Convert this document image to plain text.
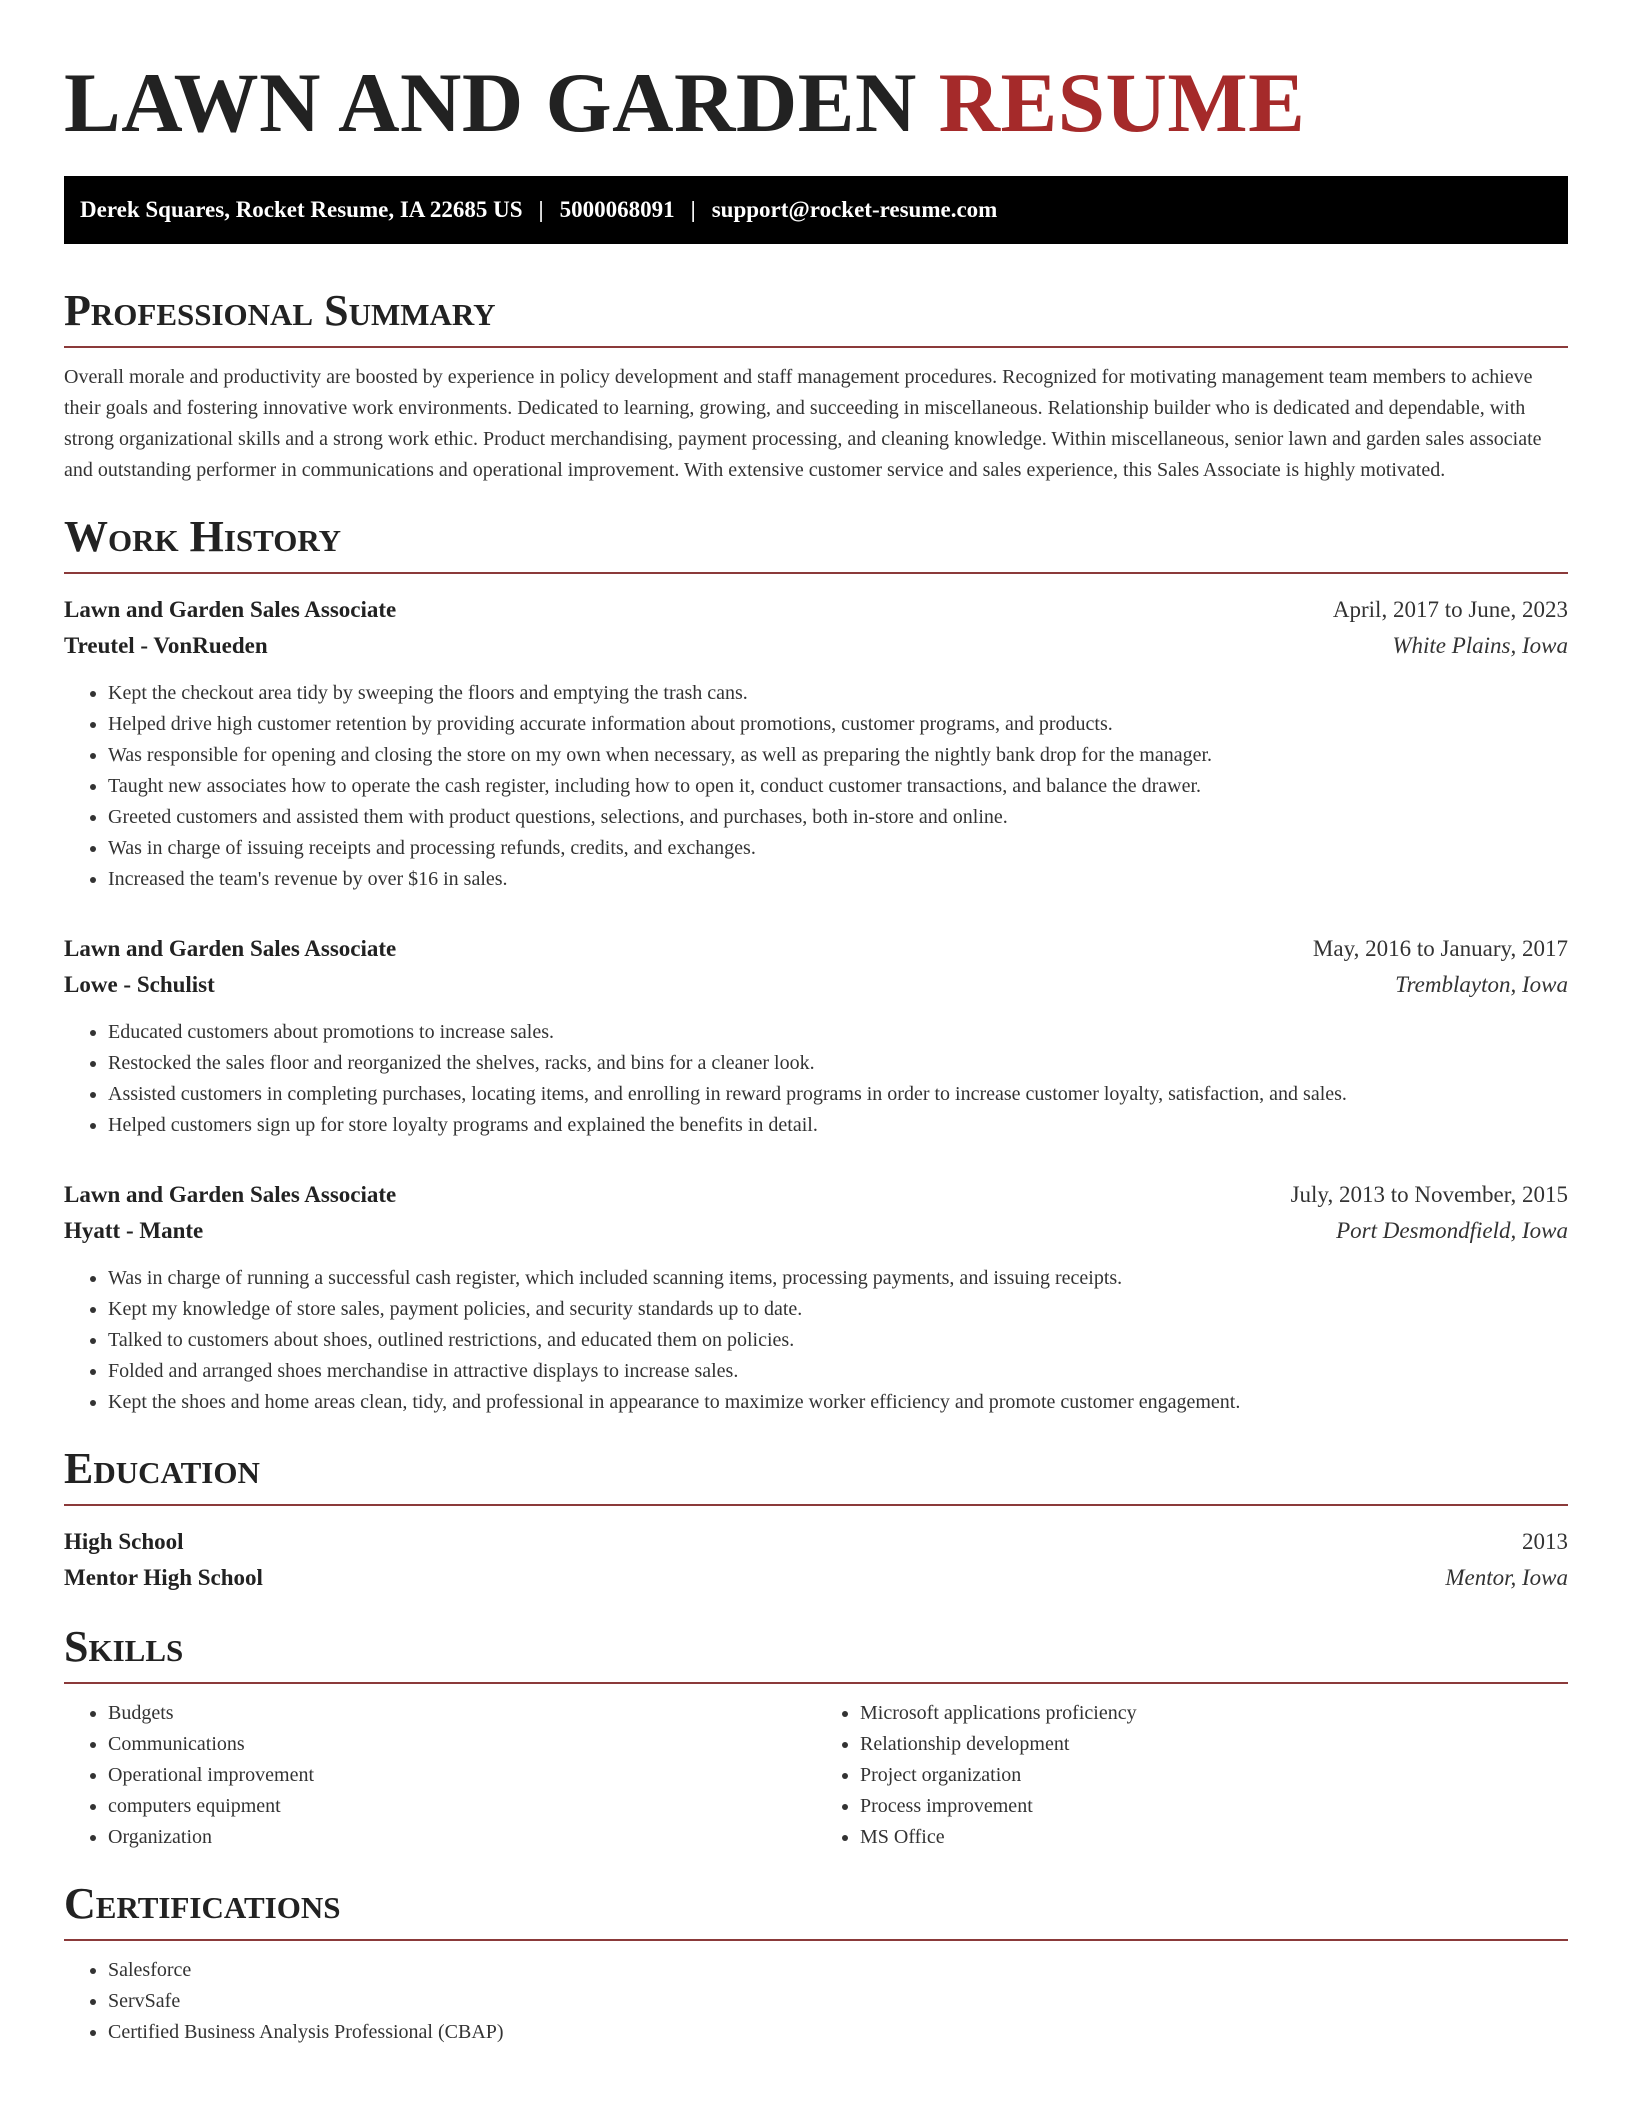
LAWN AND GARDEN RESUME
Derek Squares, Rocket Resume, IA 22685 US | 5000068091 | support@rocket-resume.com
Professional Summary

Overall morale and productivity are boosted by experience in policy development and staff management procedures. Recognized for motivating management team members to achieve their goals and fostering innovative work environments. Dedicated to learning, growing, and succeeding in miscellaneous. Relationship builder who is dedicated and dependable, with strong organizational skills and a strong work ethic. Product merchandising, payment processing, and cleaning knowledge. Within miscellaneous, senior lawn and garden sales associate and outstanding performer in communications and operational improvement. With extensive customer service and sales experience, this Sales Associate is highly motivated.

Work History
Lawn and Garden Sales Associate	April, 2017 to June, 2023
Treutel - VonRueden	White Plains, Iowa
• Kept the checkout area tidy by sweeping the floors and emptying the trash cans.
• Helped drive high customer retention by providing accurate information about promotions, customer programs, and products.
• Was responsible for opening and closing the store on my own when necessary, as well as preparing the nightly bank drop for the manager.
• Taught new associates how to operate the cash register, including how to open it, conduct customer transactions, and balance the drawer.
• Greeted customers and assisted them with product questions, selections, and purchases, both in-store and online.
• Was in charge of issuing receipts and processing refunds, credits, and exchanges.
• Increased the team's revenue by over $16 in sales.
Lawn and Garden Sales Associate	May, 2016 to January, 2017
Lowe - Schulist	Tremblayton, Iowa
• Educated customers about promotions to increase sales.
• Restocked the sales floor and reorganized the shelves, racks, and bins for a cleaner look.
• Assisted customers in completing purchases, locating items, and enrolling in reward programs in order to increase customer loyalty, satisfaction, and sales.
• Helped customers sign up for store loyalty programs and explained the benefits in detail.
Lawn and Garden Sales Associate	July, 2013 to November, 2015
Hyatt - Mante	Port Desmondfield, Iowa
• Was in charge of running a successful cash register, which included scanning items, processing payments, and issuing receipts.
• Kept my knowledge of store sales, payment policies, and security standards up to date.
• Talked to customers about shoes, outlined restrictions, and educated them on policies.
• Folded and arranged shoes merchandise in attractive displays to increase sales.
• Kept the shoes and home areas clean, tidy, and professional in appearance to maximize worker efficiency and promote customer engagement.
Education
High School	2013
Mentor High School	Mentor, Iowa
Skills
• Budgets
• Communications
• Operational improvement
• computers equipment
• Organization
• Microsoft applications proficiency
• Relationship development
• Project organization
• Process improvement
• MS Office
Certifications
• Salesforce
• ServSafe
• Certified Business Analysis Professional (CBAP)
